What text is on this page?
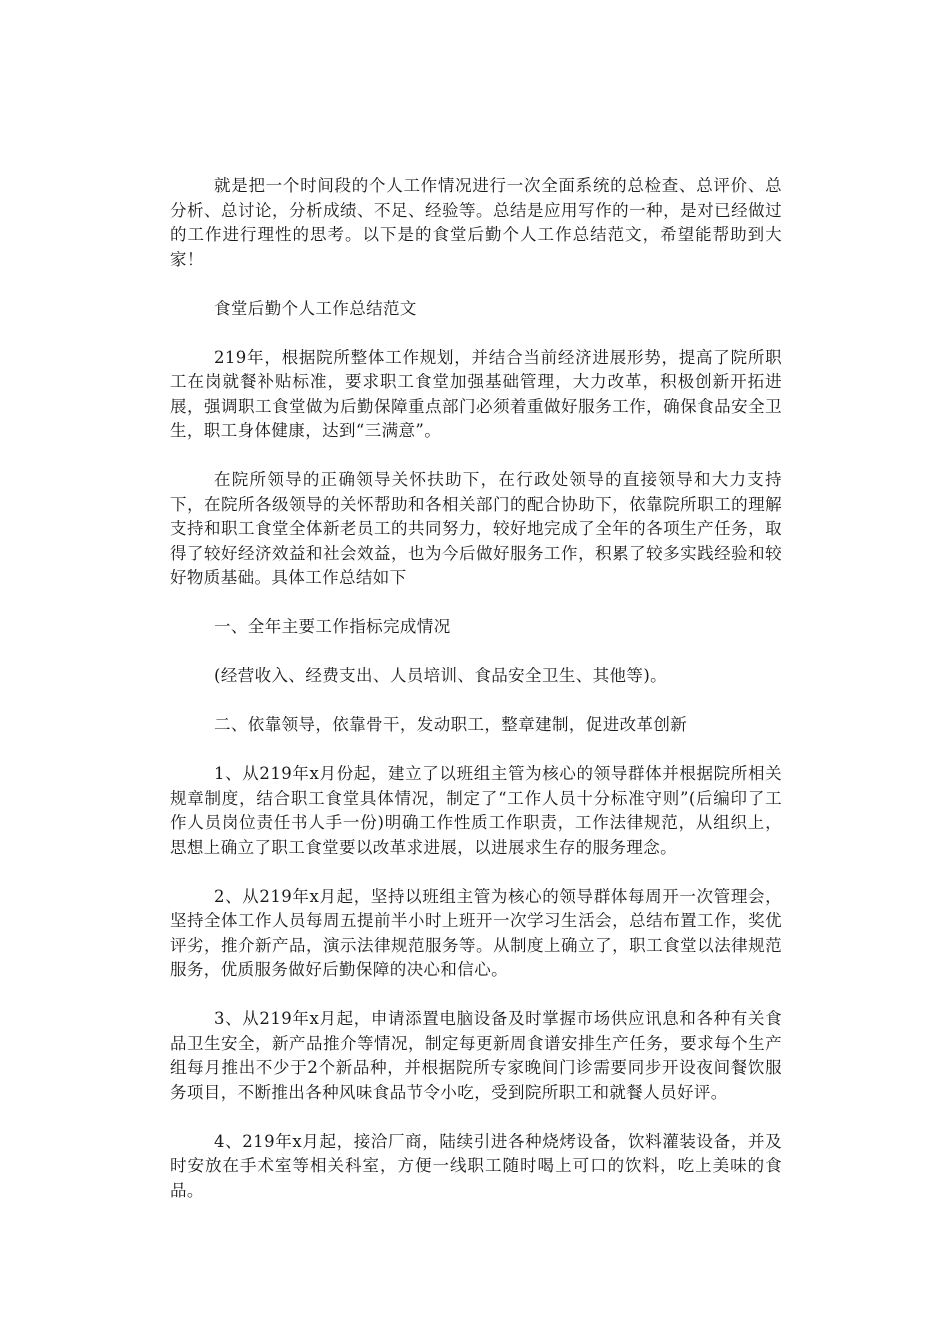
就是把一个时间段的个人工作情况进行一次全面系统的总检查、总评价、总分析、总讨论，分析成绩、不足、经验等。总结是应用写作的一种，是对已经做过的工作进行理性的思考。以下是的食堂后勤个人工作总结范文，希望能帮助到大家！

食堂后勤个人工作总结范文

219年，根据院所整体工作规划，并结合当前经济进展形势，提高了院所职工在岗就餐补贴标准，要求职工食堂加强基础管理，大力改革，积极创新开拓进展，强调职工食堂做为后勤保障重点部门必须着重做好服务工作，确保食品安全卫生，职工身体健康，达到“三满意”。

在院所领导的正确领导关怀扶助下，在行政处领导的直接领导和大力支持下，在院所各级领导的关怀帮助和各相关部门的配合协助下，依靠院所职工的理解支持和职工食堂全体新老员工的共同努力，较好地完成了全年的各项生产任务，取得了较好经济效益和社会效益，也为今后做好服务工作，积累了较多实践经验和较好物质基础。具体工作总结如下

一、全年主要工作指标完成情况

(经营收入、经费支出、人员培训、食品安全卫生、其他等)。

二、依靠领导，依靠骨干，发动职工，整章建制，促进改革创新

1、从219年x月份起，建立了以班组主管为核心的领导群体并根据院所相关规章制度，结合职工食堂具体情况，制定了“工作人员十分标准守则”(后编印了工作人员岗位责任书人手一份)明确工作性质工作职责，工作法律规范，从组织上，思想上确立了职工食堂要以改革求进展，以进展求生存的服务理念。

2、从219年x月起，坚持以班组主管为核心的领导群体每周开一次管理会，坚持全体工作人员每周五提前半小时上班开一次学习生活会，总结布置工作，奖优评劣，推介新产品，演示法律规范服务等。从制度上确立了，职工食堂以法律规范服务，优质服务做好后勤保障的决心和信心。

3、从219年x月起，申请添置电脑设备及时掌握市场供应讯息和各种有关食品卫生安全，新产品推介等情况，制定每更新周食谱安排生产任务，要求每个生产组每月推出不少于2个新品种，并根据院所专家晚间门诊需要同步开设夜间餐饮服务项目，不断推出各种风味食品节令小吃，受到院所职工和就餐人员好评。

4、219年x月起，接洽厂商，陆续引进各种烧烤设备，饮料灌装设备，并及时安放在手术室等相关科室，方便一线职工随时喝上可口的饮料，吃上美味的食品。
